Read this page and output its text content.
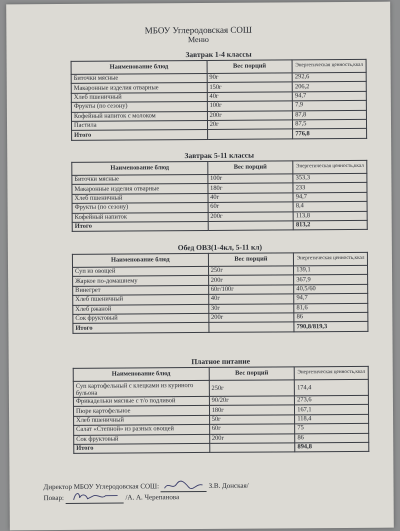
МБОУ Углеродовская СОШ
Меню
Завтрак 1-4 классы
Наименование блюд	Вес порций	Энергетическая ценность,ккал
Биточки мясные	90г	292,6
Макаронные изделия отварные	150г	206,2
Хлеб пшеничный	40г	94,7
Фрукты (по сезону)	100г	7,9
Кофейный напиток с молоком	200г	87,8
Пастила	20г	87,5
Итого		776,8
Завтрак 5-11 классы
Наименование блюд	Вес порций	Энергетическая ценность,ккал
Биточки мясные	100г	353,3
Макаронные изделия отварные	180г	233
Хлеб пшеничный	40г	94,7
Фрукты (по сезону)	60г	8,4
Кофейный напиток	200г	113,8
Итого		813,2
Обед ОВЗ(1-4кл, 5-11 кл)
Наименование блюд	Вес порций	Энергетическая ценность,ккал
Суп из овощей	250г	139,1
Жаркое по-домашнему	200г	367,9
Винегрет	60г/100г	40,5/60
Хлеб пшеничный	40г	94,7
Хлеб ржаной	30г	81,6
Сок фруктовый	200г	86
Итого		790,8/819,3
Платное питание
Наименование блюд	Вес порций	Энергетическая ценность,ккал
Суп картофельный с клецками из куриного бульона	250г	174,4
Фрикадельки мясные с т/о подливой	90/20г	273,6
Пюре картофельное	180г	167,1
Хлеб пшеничный	50г	118,4
Салат «Степной» из разных овощей	60г	75
Сок фруктовый	200г	86
Итого		894,8
Директор МБОУ Углеродовская СОШ:	З.В. Донская/
Повар:	/А. А. Черепанова
